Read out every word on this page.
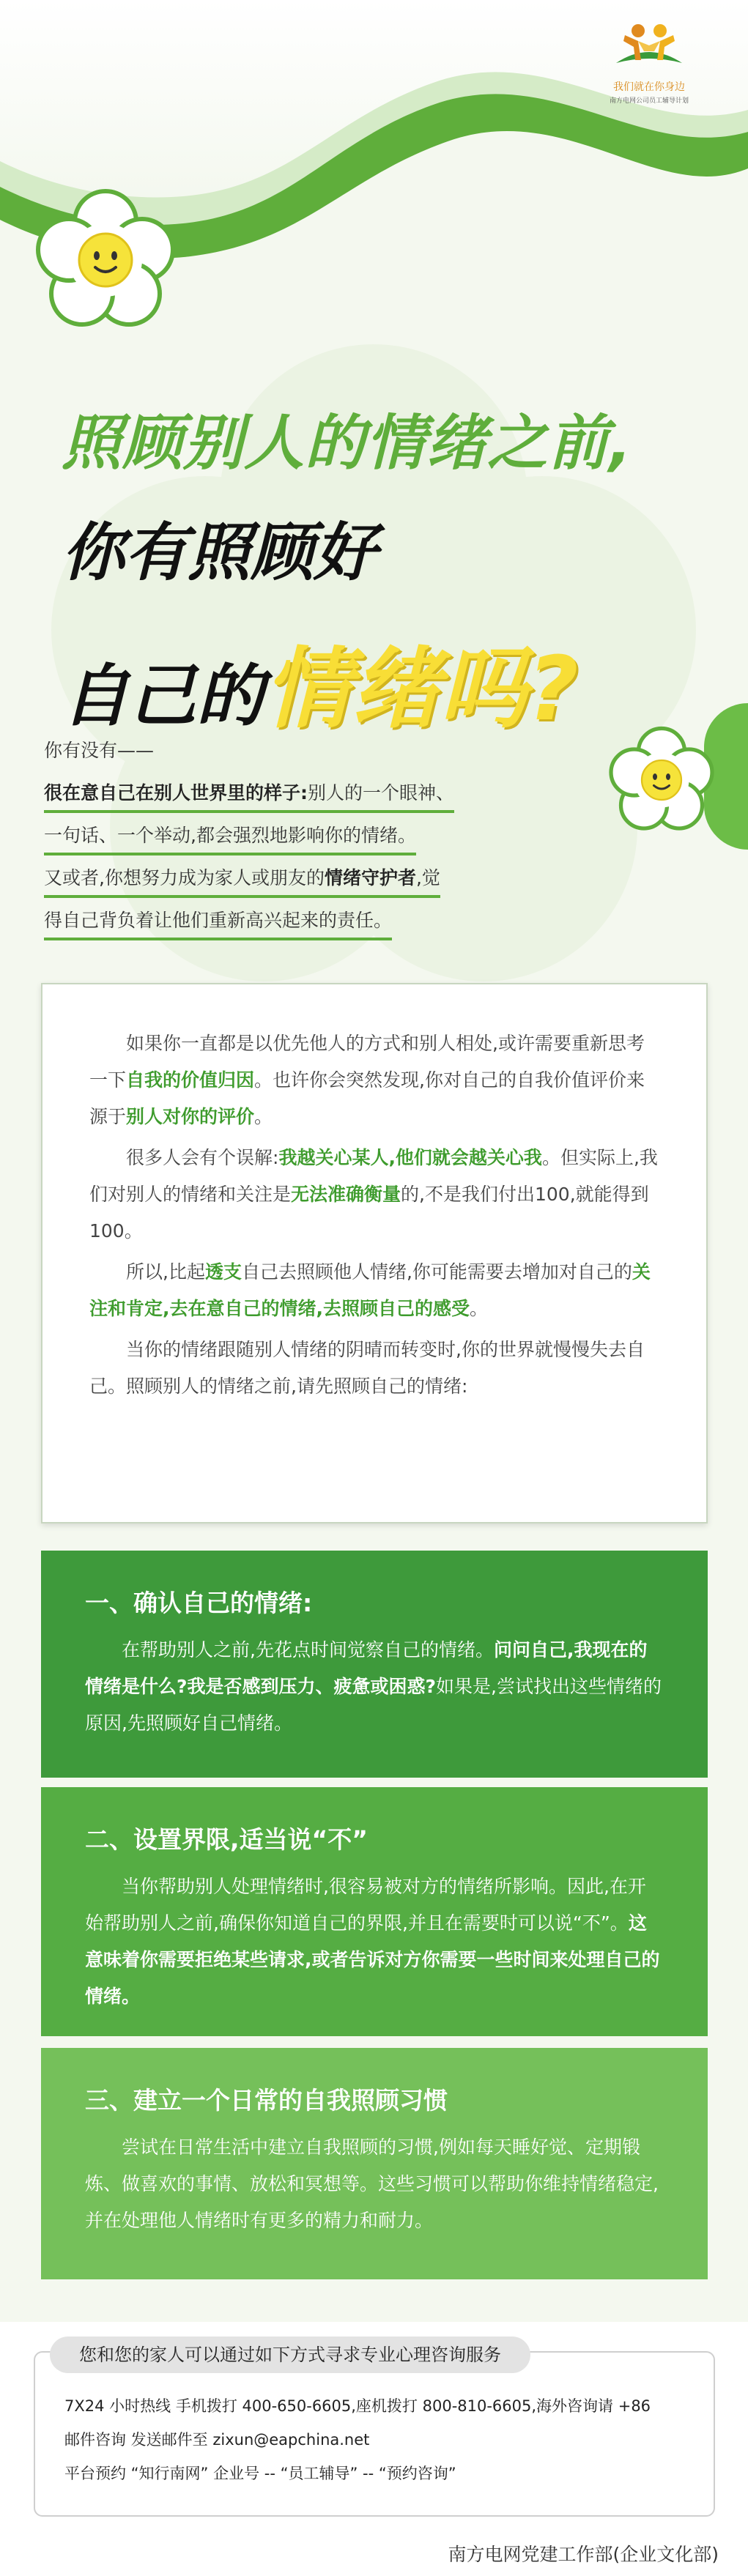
我们就在你身边
南方电网公司员工辅导计划
照顾别人的情绪之前,
你有照顾好
自己的情绪吗?
你有没有——
很在意自己在别人世界里的样子:别人的一个眼神、
一句话、一个举动,都会强烈地影响你的情绪。
又或者,你想努力成为家人或朋友的情绪守护者,觉
得自己背负着让他们重新高兴起来的责任。

如果你一直都是以优先他人的方式和别人相处,或许需要重新思考一下自我的价值归因。也许你会突然发现,你对自己的自我价值评价来源于别人对你的评价。

很多人会有个误解:我越关心某人,他们就会越关心我。但实际上,我们对别人的情绪和关注是无法准确衡量的,不是我们付出100,就能得到100。

所以,比起透支自己去照顾他人情绪,你可能需要去增加对自己的关注和肯定,去在意自己的情绪,去照顾自己的感受。

当你的情绪跟随别人情绪的阴晴而转变时,你的世界就慢慢失去自己。照顾别人的情绪之前,请先照顾自己的情绪:

一、确认自己的情绪:
在帮助别人之前,先花点时间觉察自己的情绪。问问自己,我现在的情绪是什么?我是否感到压力、疲惫或困惑?如果是,尝试找出这些情绪的原因,先照顾好自己情绪。
二、设置界限,适当说“不”
当你帮助别人处理情绪时,很容易被对方的情绪所影响。因此,在开始帮助别人之前,确保你知道自己的界限,并且在需要时可以说“不”。这意味着你需要拒绝某些请求,或者告诉对方你需要一些时间来处理自己的情绪。
三、建立一个日常的自我照顾习惯
尝试在日常生活中建立自我照顾的习惯,例如每天睡好觉、定期锻炼、做喜欢的事情、放松和冥想等。这些习惯可以帮助你维持情绪稳定,并在处理他人情绪时有更多的精力和耐力。
您和您的家人可以通过如下方式寻求专业心理咨询服务
7X24 小时热线 手机拨打 400-650-6605,座机拨打 800-810-6605,海外咨询请 +86
邮件咨询 发送邮件至 zixun@eapchina.net
平台预约 “知行南网” 企业号 -- “员工辅导” -- “预约咨询”
南方电网党建工作部(企业文化部)
